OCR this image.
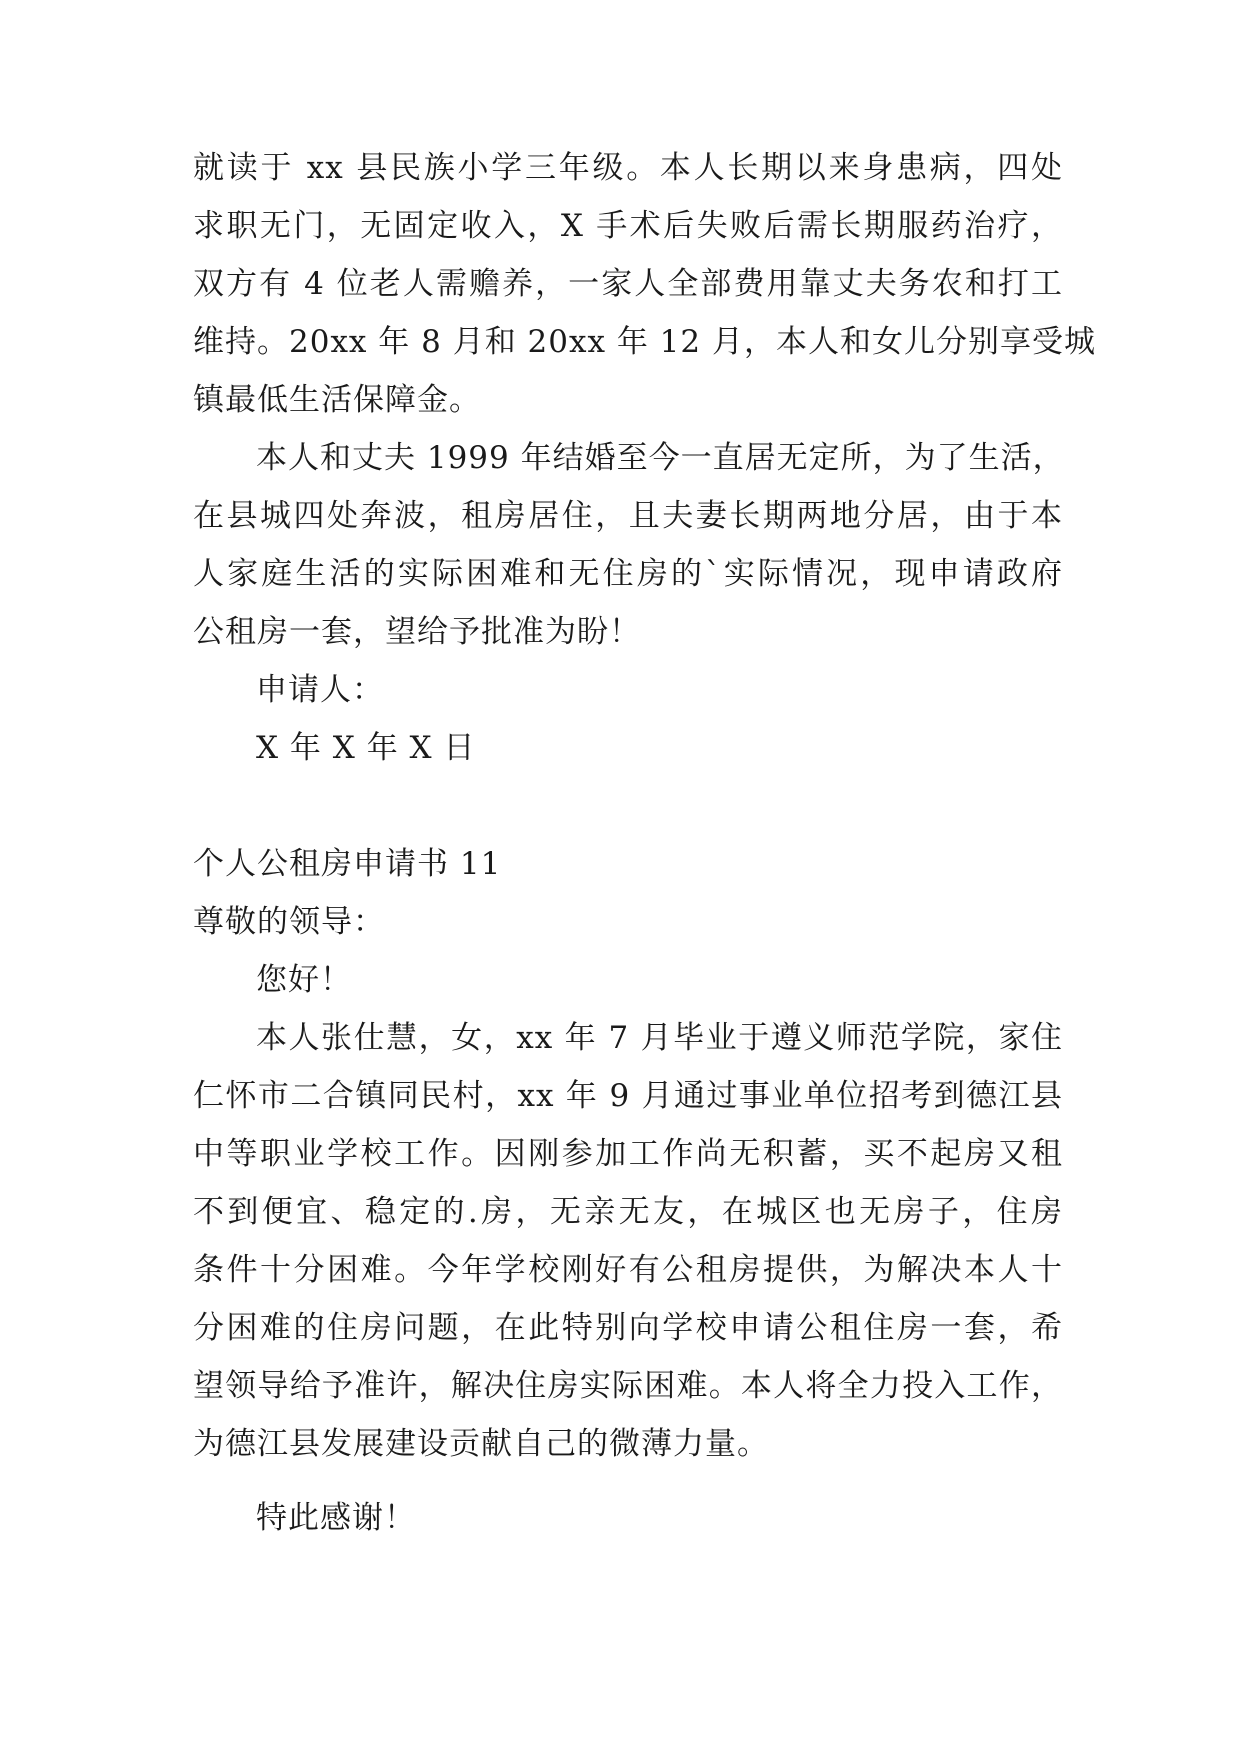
就读于 xx 县民族小学三年级。本人长期以来身患病，四处
求职无门，无固定收入，X 手术后失败后需长期服药治疗，
双方有 4 位老人需赡养，一家人全部费用靠丈夫务农和打工
维持。20xx 年 8 月和 20xx 年 12 月，本人和女儿分别享受城
镇最低生活保障金。
本人和丈夫 1999 年结婚至今一直居无定所，为了生活，
在县城四处奔波，租房居住，且夫妻长期两地分居，由于本
人家庭生活的实际困难和无住房的`实际情况，现申请政府
公租房一套，望给予批准为盼！
申请人：
X 年 X 年 X 日
个人公租房申请书 11
尊敬的领导：
您好！
本人张仕慧，女，xx 年 7 月毕业于遵义师范学院，家住
仁怀市二合镇同民村，xx 年 9 月通过事业单位招考到德江县
中等职业学校工作。因刚参加工作尚无积蓄，买不起房又租
不到便宜、稳定的.房，无亲无友，在城区也无房子，住房
条件十分困难。今年学校刚好有公租房提供，为解决本人十
分困难的住房问题，在此特别向学校申请公租住房一套，希
望领导给予准许，解决住房实际困难。本人将全力投入工作，
为德江县发展建设贡献自己的微薄力量。
特此感谢！
